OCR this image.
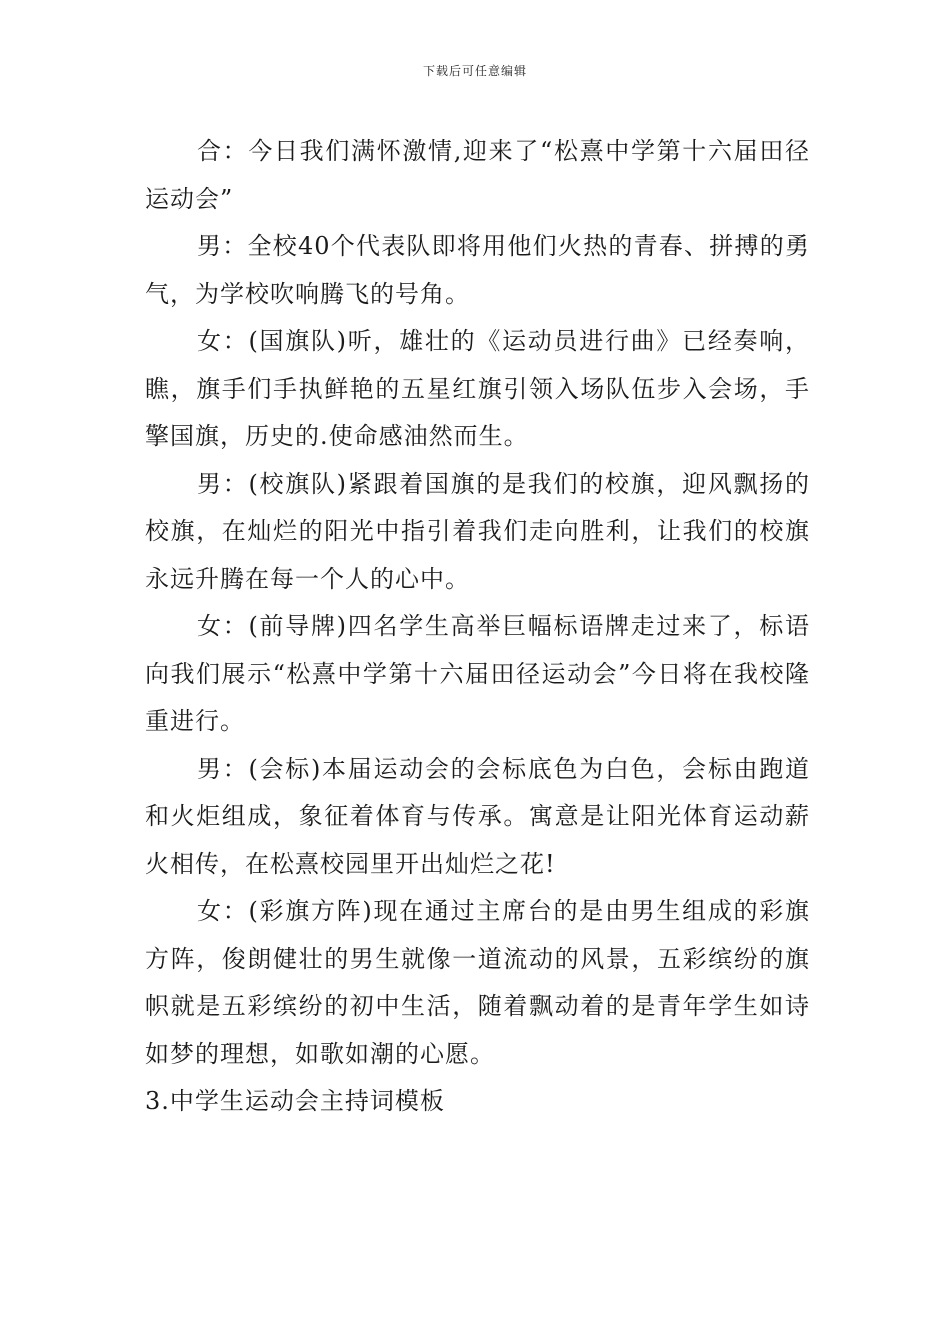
下载后可任意编辑

合：今日我们满怀激情,迎来了“松熹中学第十六届田径运动会”

男：全校40个代表队即将用他们火热的青春、拼搏的勇气，为学校吹响腾飞的号角。

女：(国旗队)听，雄壮的《运动员进行曲》已经奏响，瞧，旗手们手执鲜艳的五星红旗引领入场队伍步入会场，手擎国旗，历史的.使命感油然而生。

男：(校旗队)紧跟着国旗的是我们的校旗，迎风飘扬的校旗，在灿烂的阳光中指引着我们走向胜利，让我们的校旗永远升腾在每一个人的心中。

女：(前导牌)四名学生高举巨幅标语牌走过来了，标语向我们展示“松熹中学第十六届田径运动会”今日将在我校隆重进行。

男：(会标)本届运动会的会标底色为白色，会标由跑道和火炬组成，象征着体育与传承。寓意是让阳光体育运动薪火相传，在松熹校园里开出灿烂之花!

女：(彩旗方阵)现在通过主席台的是由男生组成的彩旗方阵，俊朗健壮的男生就像一道流动的风景，五彩缤纷的旗帜就是五彩缤纷的初中生活，随着飘动着的是青年学生如诗如梦的理想，如歌如潮的心愿。

3.中学生运动会主持词模板
